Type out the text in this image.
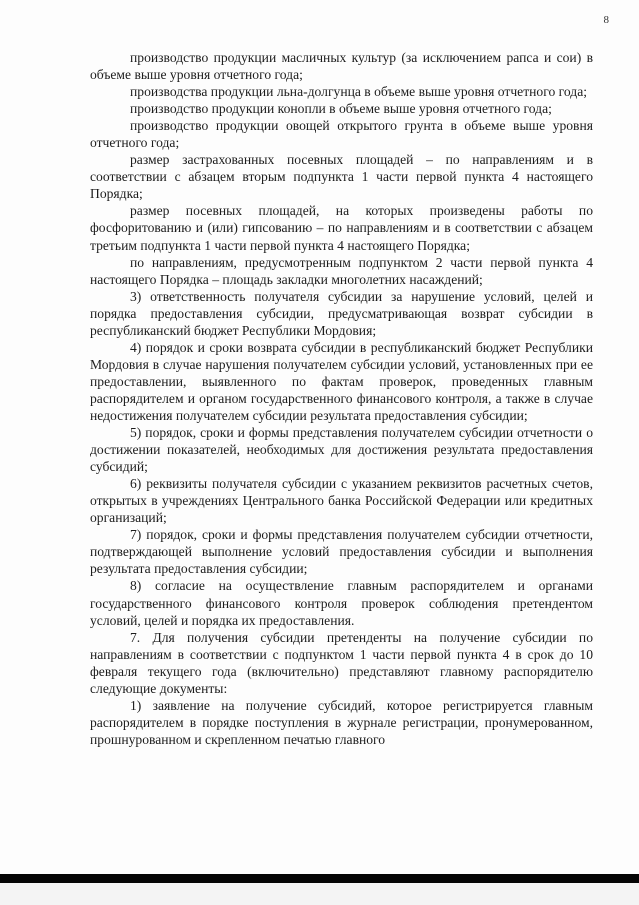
8

производство продукции масличных культур (за исключением рапса и сои) в объеме выше уровня отчетного года;

производства продукции льна-долгунца в объеме выше уровня отчетного года;

производство продукции конопли в объеме выше уровня отчетного года;

производство продукции овощей открытого грунта в объеме выше уровня отчетного года;

размер застрахованных посевных площадей – по направлениям и в соответствии с абзацем вторым подпункта 1 части первой пункта 4 настоящего Порядка;

размер посевных площадей, на которых произведены работы по фосфоритованию и (или) гипсованию – по направлениям и в соответствии с абзацем третьим подпункта 1 части первой пункта 4 настоящего Порядка;

по направлениям, предусмотренным подпунктом 2 части первой пункта 4 настоящего Порядка – площадь закладки многолетних насаждений;

3) ответственность получателя субсидии за нарушение условий, целей и порядка предоставления субсидии, предусматривающая возврат субсидии в республиканский бюджет Республики Мордовия;

4) порядок и сроки возврата субсидии в республиканский бюджет Республики Мордовия в случае нарушения получателем субсидии условий, установленных при ее предоставлении, выявленного по фактам проверок, проведенных главным распорядителем и органом государственного финансового контроля, а также в случае недостижения получателем субсидии результата предоставления субсидии;

5) порядок, сроки и формы представления получателем субсидии отчетности о достижении показателей, необходимых для достижения результата предоставления субсидий;

6) реквизиты получателя субсидии с указанием реквизитов расчетных счетов, открытых в учреждениях Центрального банка Российской Федерации или кредитных организаций;

7) порядок, сроки и формы представления получателем субсидии отчетности, подтверждающей выполнение условий предоставления субсидии и выполнения результата предоставления субсидии;

8) согласие на осуществление главным распорядителем и органами государственного финансового контроля проверок соблюдения претендентом условий, целей и порядка их предоставления.

7. Для получения субсидии претенденты на получение субсидии по направлениям в соответствии с подпунктом 1 части первой пункта 4 в срок до 10 февраля текущего года (включительно) представляют главному распорядителю следующие документы:

1) заявление на получение субсидий, которое регистрируется главным распорядителем в порядке поступления в журнале регистрации, пронумерованном, прошнурованном и скрепленном печатью главного
